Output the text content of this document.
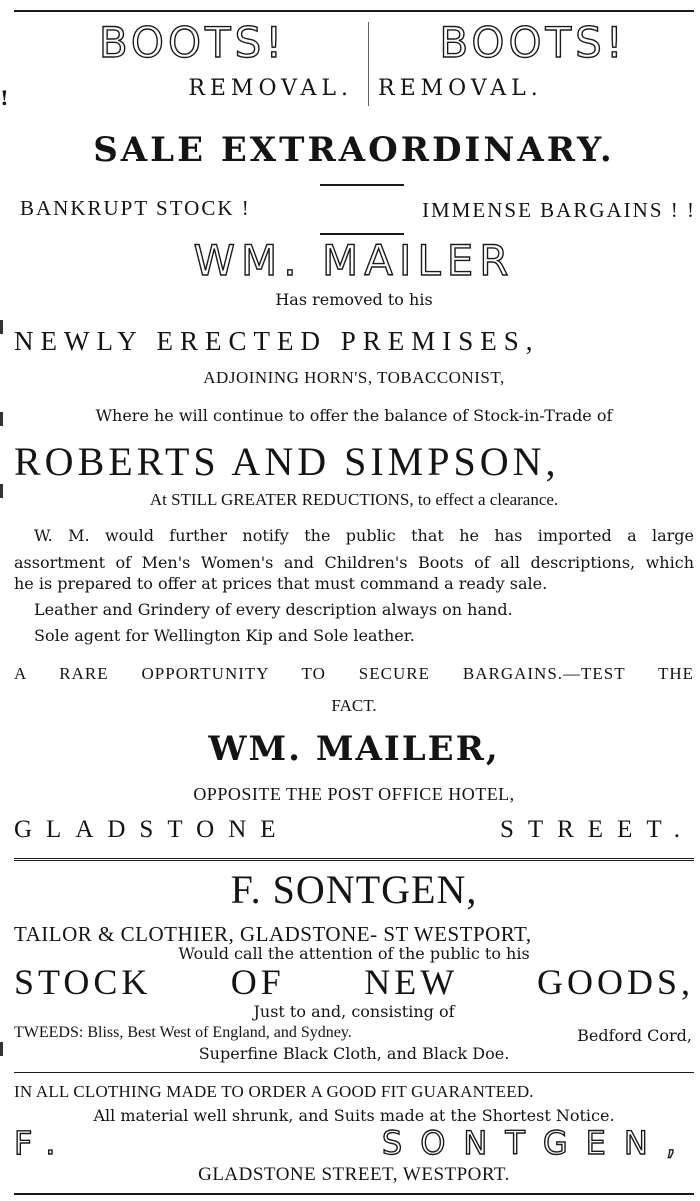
!
BOOTS!	BOOTS!
REMOVAL.	REMOVAL.
SALE EXTRAORDINARY.
BANKRUPT STOCK !	IMMENSE BARGAINS ! !
WM. MAILER
Has removed to his
NEWLY ERECTED PREMISES,
ADJOINING HORN'S, TOBACCONIST,
Where he will continue to offer the balance of Stock-in-Trade of
ROBERTS AND SIMPSON,
At STILL GREATER REDUCTIONS, to effect a clearance.
W. M. would further notify the public that he has imported a large
assortment of Men's Women's and Children's Boots of all descriptions, which
he is prepared to offer at prices that must command a ready sale.
Leather and Grindery of every description always on hand.
Sole agent for Wellington Kip and Sole leather.
A RARE OPPORTUNITY TO SECURE BARGAINS.—TEST THE
FACT.
WM. MAILER,
OPPOSITE THE POST OFFICE HOTEL,
GLADSTONE STREET.
F. SONTGEN,
TAILOR & CLOTHIER, GLADSTONE- ST WESTPORT,
Would call the attention of the public to his
STOCK OF NEW GOODS,
Just to and, consisting of
TWEEDS: Bliss, Best West of England, and Sydney.	Bedford Cord,
Superfine Black Cloth, and Black Doe.
IN ALL CLOTHING MADE TO ORDER A GOOD FIT GUARANTEED.
All material well shrunk, and Suits made at the Shortest Notice.
F. SONTGEN,
GLADSTONE STREET, WESTPORT.
